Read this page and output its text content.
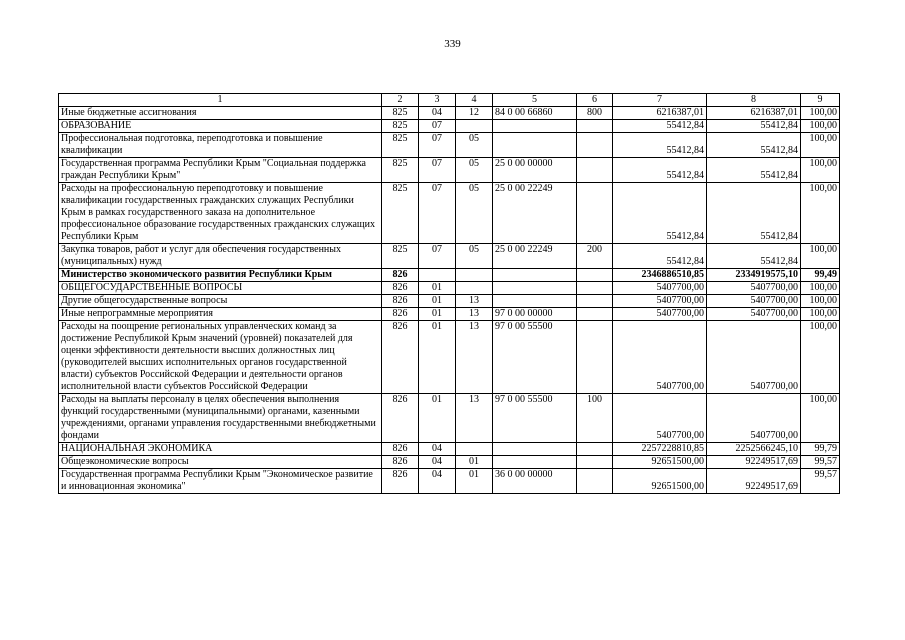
339
1	2	3	4	5	6	7	8	9
Иные бюджетные ассигнования	825	04	12	84 0 00 66860	800	6216387,01	6216387,01	100,00
ОБРАЗОВАНИЕ	825	07				55412,84	55412,84	100,00
Профессиональная подготовка, переподготовка и повышение квалификации	825	07	05			55412,84	55412,84	100,00
Государственная программа Республики Крым "Социальная поддержка граждан Республики Крым"	825	07	05	25 0 00 00000		55412,84	55412,84	100,00
Расходы на профессиональную переподготовку и повышение квалификации государственных гражданских служащих Республики Крым в рамках государственного заказа на дополнительное профессиональное образование государственных гражданских служащих Республики Крым	825	07	05	25 0 00 22249		55412,84	55412,84	100,00
Закупка товаров, работ и услуг для обеспечения государственных (муниципальных) нужд	825	07	05	25 0 00 22249	200	55412,84	55412,84	100,00
Министерство экономического развития Республики Крым	826					2346886510,85	2334919575,10	99,49
ОБЩЕГОСУДАРСТВЕННЫЕ ВОПРОСЫ	826	01				5407700,00	5407700,00	100,00
Другие общегосударственные вопросы	826	01	13			5407700,00	5407700,00	100,00
Иные непрограммные мероприятия	826	01	13	97 0 00 00000		5407700,00	5407700,00	100,00
Расходы на поощрение региональных управленческих команд за достижение Республикой Крым значений (уровней) показателей для оценки эффективности деятельности высших должностных лиц (руководителей высших исполнительных органов государственной власти) субъектов Российской Федерации и деятельности органов исполнительной власти субъектов Российской Федерации	826	01	13	97 0 00 55500		5407700,00	5407700,00	100,00
Расходы на выплаты персоналу в целях обеспечения выполнения функций государственными (муниципальными) органами, казенными учреждениями, органами управления государственными внебюджетными фондами	826	01	13	97 0 00 55500	100	5407700,00	5407700,00	100,00
НАЦИОНАЛЬНАЯ ЭКОНОМИКА	826	04				2257228810,85	2252566245,10	99,79
Общеэкономические вопросы	826	04	01			92651500,00	92249517,69	99,57
Государственная программа Республики Крым "Экономическое развитие и инновационная экономика"	826	04	01	36 0 00 00000		92651500,00	92249517,69	99,57
